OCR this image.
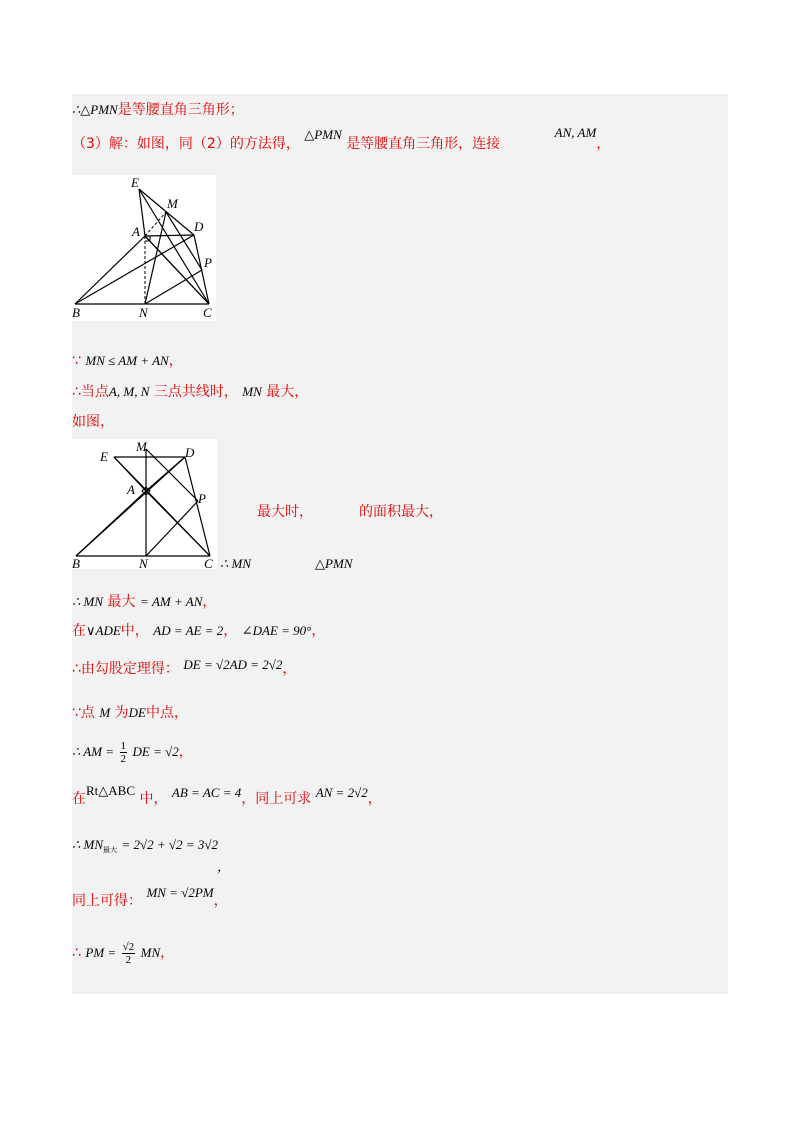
∴△PMN是等腰直角三角形；
（3）解：如图，同（2）的方法得， △PMN 是等腰直角三角形，连接 AN, AM，
E
M
A	D
P
B	N	C
∵ MN ≤ AM + AN，
∴当点A, M, N 三点共线时， MN 最大，
如图，
M
E	D
A
P
B	N	C
最大时，	的面积最大，
∴ MN	△PMN
∴ MN 最大 = AM + AN，
在∨ADE中， AD = AE = 2， ∠DAE = 90°，
∴由勾股定理得： DE = √2AD = 2√2，
∵点 M 为DE中点，
∴ AM = $\frac{1}{2}$ DE = √2，
在Rt△ABC 中， AB = AC = 4，同上可求 AN = 2√2，
∴ $MN_{最大} = 2√2 + √2 = 3√2$
，
同上可得： MN = √2PM，
∴ PM = $\frac{√2}{2}$ MN，
